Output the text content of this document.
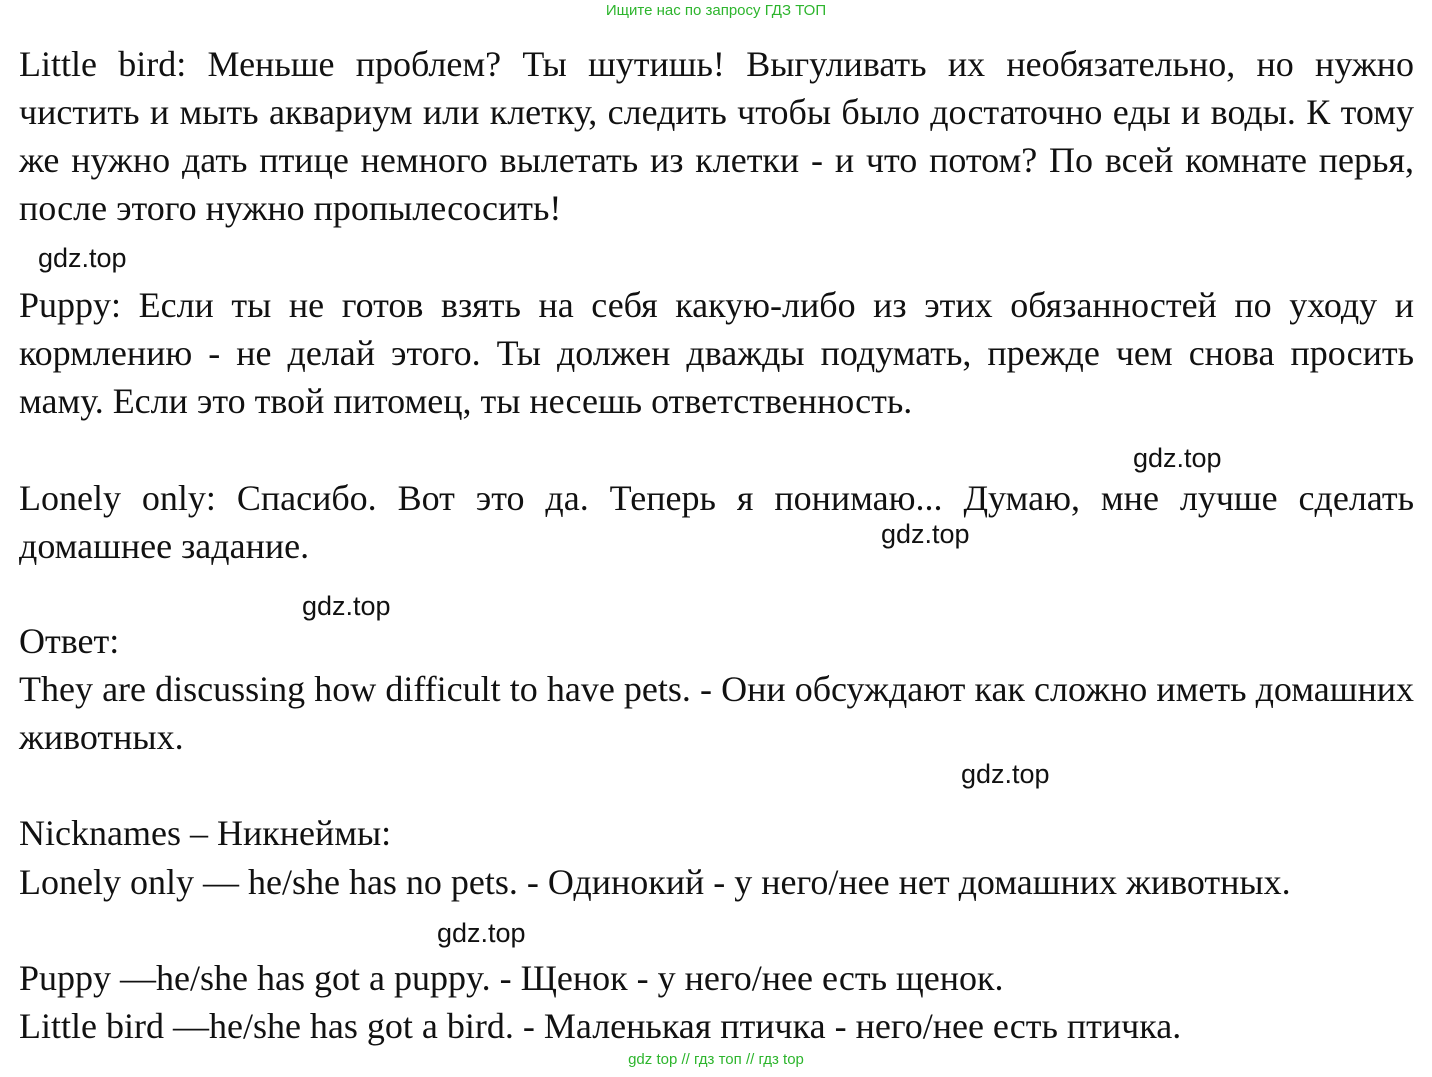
Ищите нас по запросу ГДЗ ТОП

Little bird: Меньше проблем? Ты шутишь! Выгуливать их необязательно, но нужно чистить и мыть аквариум или клетку, следить чтобы было достаточно еды и воды. К тому же нужно дать птице немного вылетать из клетки - и что потом? По всей комнате перья, после этого нужно пропылесосить!

gdz.top

Puppy: Если ты не готов взять на себя какую-либо из этих обязанностей по уходу и кормлению - не делай этого. Ты должен дважды подумать, прежде чем снова просить маму. Если это твой питомец, ты несешь ответственность.

gdz.top

Lonely only: Спасибо. Вот это да. Теперь я понимаю... Думаю, мне лучше сделать домашнее задание.	gdz.top
gdz.top

Ответ:

They are discussing how difficult to have pets. - Они обсуждают как сложно иметь домашних животных.

gdz.top

Nicknames – Никнеймы:

Lonely only — he/she has no pets. - Одинокий - у него/нее нет домашних животных.

gdz.top

Puppy —he/she has got a puppy. - Щенок - у него/нее есть щенок.

Little bird —he/she has got a bird. - Маленькая птичка - него/нее есть птичка.

gdz top // гдз топ // гдз top
